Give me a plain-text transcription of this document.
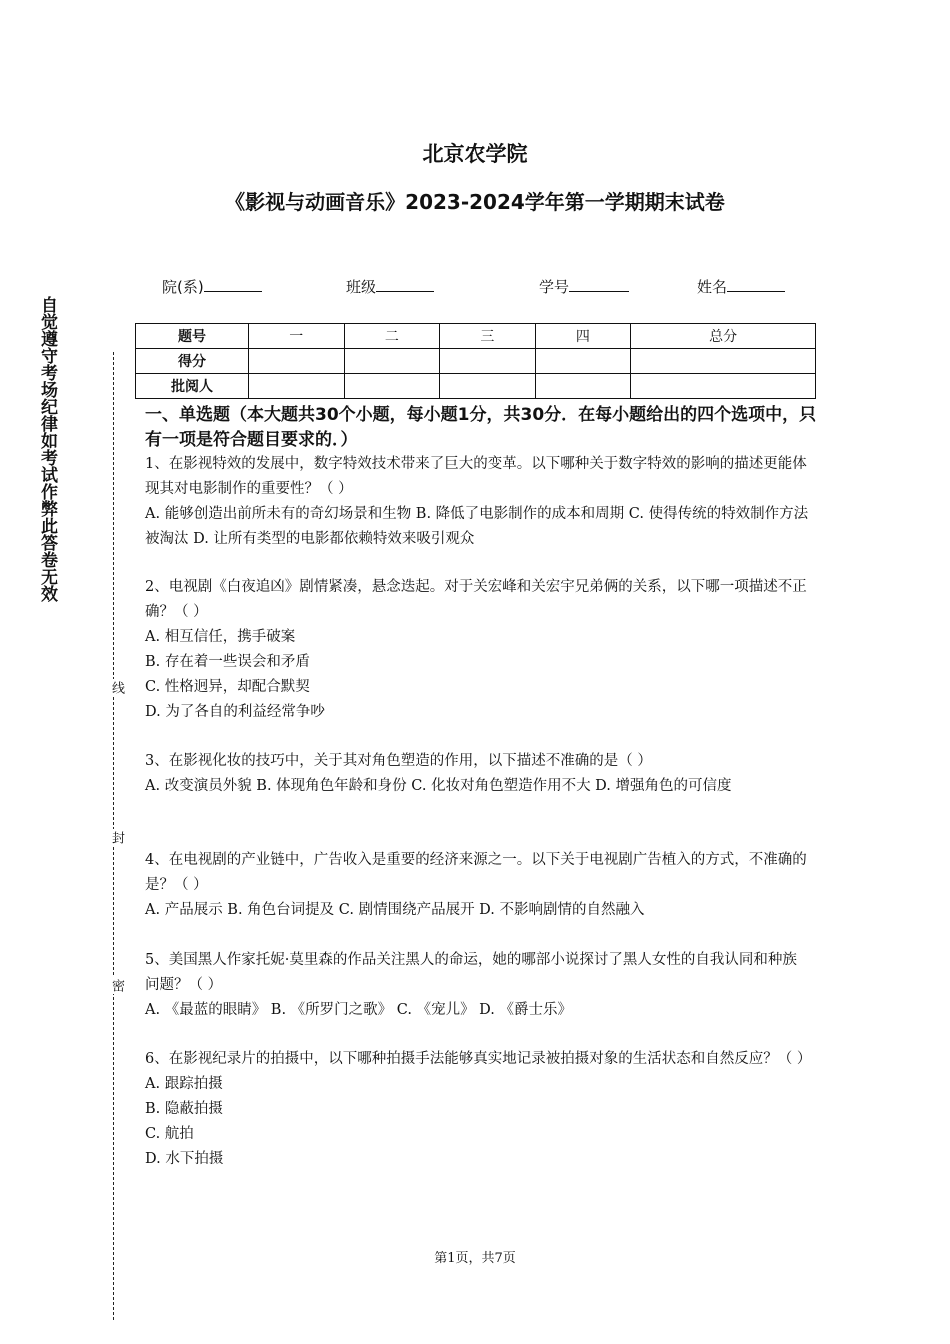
北京农学院
《影视与动画音乐》2023-2024学年第一学期期末试卷
院(系)	班级	学号	姓名
题号	一	二	三	四	总分
得分					
批阅人					
自觉遵守考场纪律如考试作弊此答卷无效
线
封
密
一、单选题（本大题共30个小题，每小题1分，共30分．在每小题给出的四个选项中，只有一项是符合题目要求的．）

1、在影视特效的发展中，数字特效技术带来了巨大的变革。以下哪种关于数字特效的影响的描述更能体现其对电影制作的重要性？（ ）

A. 能够创造出前所未有的奇幻场景和生物 B. 降低了电影制作的成本和周期 C. 使得传统的特效制作方法被淘汰 D. 让所有类型的电影都依赖特效来吸引观众

2、电视剧《白夜追凶》剧情紧凑，悬念迭起。对于关宏峰和关宏宇兄弟俩的关系，以下哪一项描述不正确？（ ）

A. 相互信任，携手破案

B. 存在着一些误会和矛盾

C. 性格迥异，却配合默契

D. 为了各自的利益经常争吵

3、在影视化妆的技巧中，关于其对角色塑造的作用，以下描述不准确的是（ ）

A. 改变演员外貌 B. 体现角色年龄和身份 C. 化妆对角色塑造作用不大 D. 增强角色的可信度

4、在电视剧的产业链中，广告收入是重要的经济来源之一。以下关于电视剧广告植入的方式，不准确的是？（ ）

A. 产品展示 B. 角色台词提及 C. 剧情围绕产品展开 D. 不影响剧情的自然融入

5、美国黑人作家托妮·莫里森的作品关注黑人的命运，她的哪部小说探讨了黑人女性的自我认同和种族问题？（ ）

A. 《最蓝的眼睛》 B. 《所罗门之歌》 C. 《宠儿》 D. 《爵士乐》

6、在影视纪录片的拍摄中，以下哪种拍摄手法能够真实地记录被拍摄对象的生活状态和自然反应？（ ）

A. 跟踪拍摄

B. 隐蔽拍摄

C. 航拍

D. 水下拍摄

第1页，共7页
